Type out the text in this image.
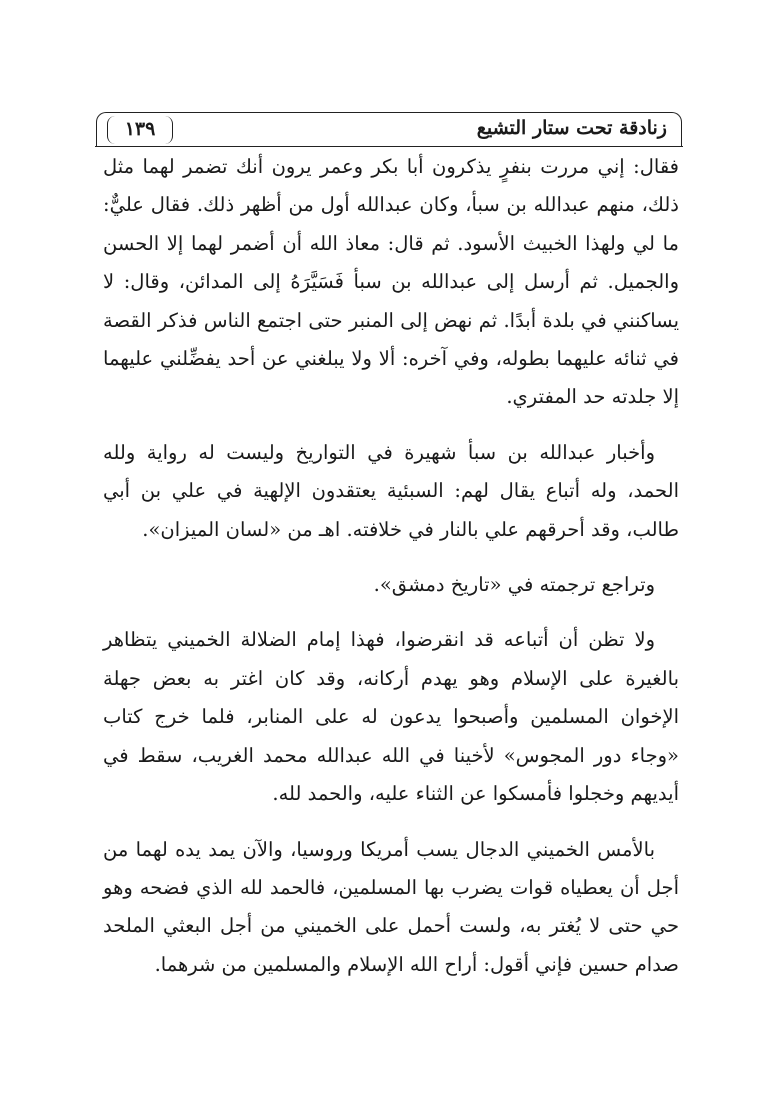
زنادقة تحت ستار التشيع
١٣٩

فقال: إني مررت بنفرٍ يذكرون أبا بكر وعمر يرون أنك تضمر لهما مثل ذلك، منهم عبدالله بن سبأ، وكان عبدالله أول من أظهر ذلك. فقال عليٌّ: ما لي ولهذا الخبيث الأسود. ثم قال: معاذ الله أن أضمر لهما إلا الحسن والجميل. ثم أرسل إلى عبدالله بن سبأ فَسَيَّرَهُ إلى المدائن، وقال: لا يساكنني في بلدة أبدًا. ثم نهض إلى المنبر حتى اجتمع الناس فذكر القصة في ثنائه عليهما بطوله، وفي آخره: ألا ولا يبلغني عن أحد يفضِّلني عليهما إلا جلدته حد المفتري.

وأخبار عبدالله بن سبأ شهيرة في التواريخ وليست له رواية ولله الحمد، وله أتباع يقال لهم: السبئية يعتقدون الإلهية في علي بن أبي طالب، وقد أحرقهم علي بالنار في خلافته. اهـ من «لسان الميزان».

وتراجع ترجمته في «تاريخ دمشق».

ولا تظن أن أتباعه قد انقرضوا، فهذا إمام الضلالة الخميني يتظاهر بالغيرة على الإسلام وهو يهدم أركانه، وقد كان اغتر به بعض جهلة الإخوان المسلمين وأصبحوا يدعون له على المنابر، فلما خرج كتاب «وجاء دور المجوس» لأخينا في الله عبدالله محمد الغريب، سقط في أيديهم وخجلوا فأمسكوا عن الثناء عليه، والحمد لله.

بالأمس الخميني الدجال يسب أمريكا وروسيا، والآن يمد يده لهما من أجل أن يعطياه قوات يضرب بها المسلمين، فالحمد لله الذي فضحه وهو حي حتى لا يُغتر به، ولست أحمل على الخميني من أجل البعثي الملحد صدام حسين فإني أقول: أراح الله الإسلام والمسلمين من شرهما.
